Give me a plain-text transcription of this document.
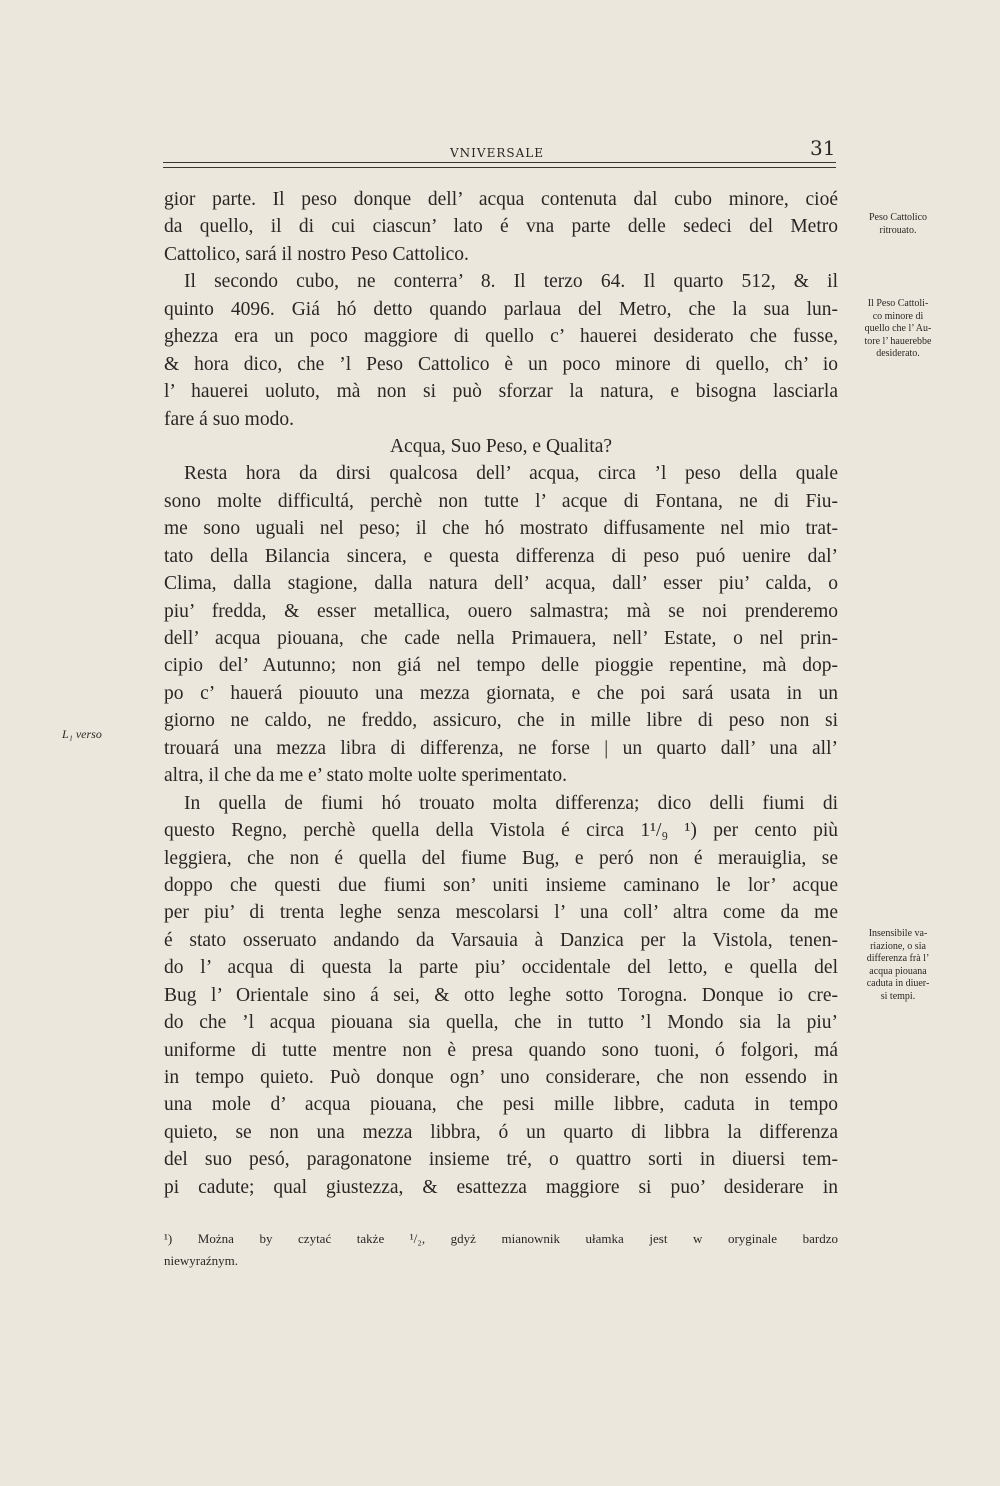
VNIVERSALE	31
gior parte. Il peso donque dell’ acqua contenuta dal cubo minore, cioé
da quello, il di cui ciascun’ lato é vna parte delle sedeci del Metro
Cattolico, sará il nostro Peso Cattolico.
Il secondo cubo, ne conterra’ 8. Il terzo 64. Il quarto 512, & il
quinto 4096. Giá hó detto quando parlaua del Metro, che la sua lun-
ghezza era un poco maggiore di quello c’ hauerei desiderato che fusse,
& hora dico, che ’l Peso Cattolico è un poco minore di quello, ch’ io
l’ hauerei uoluto, mà non si può sforzar la natura, e bisogna lasciarla
fare á suo modo.
Acqua, Suo Peso, e Qualita?
Resta hora da dirsi qualcosa dell’ acqua, circa ’l peso della quale
sono molte difficultá, perchè non tutte l’ acque di Fontana, ne di Fiu-
me sono uguali nel peso; il che hó mostrato diffusamente nel mio trat-
tato della Bilancia sincera, e questa differenza di peso puó uenire dal’
Clima, dalla stagione, dalla natura dell’ acqua, dall’ esser piu’ calda, o
piu’ fredda, & esser metallica, ouero salmastra; mà se noi prenderemo
dell’ acqua piouana, che cade nella Primauera, nell’ Estate, o nel prin-
cipio del’ Autunno; non giá nel tempo delle pioggie repentine, mà dop-
po c’ hauerá piouuto una mezza giornata, e che poi sará usata in un
giorno ne caldo, ne freddo, assicuro, che in mille libre di peso non si
trouará una mezza libra di differenza, ne forse | un quarto dall’ una all’
altra, il che da me e’ stato molte uolte sperimentato.
In quella de fiumi hó trouato molta differenza; dico delli fiumi di
questo Regno, perchè quella della Vistola é circa 1¹/₉ ¹) per cento più
leggiera, che non é quella del fiume Bug, e peró non é merauiglia, se
doppo che questi due fiumi son’ uniti insieme caminano le lor’ acque
per piu’ di trenta leghe senza mescolarsi l’ una coll’ altra come da me
é stato osseruato andando da Varsauia à Danzica per la Vistola, tenen-
do l’ acqua di questa la parte piu’ occidentale del letto, e quella del
Bug l’ Orientale sino á sei, & otto leghe sotto Torogna. Donque io cre-
do che ’l acqua piouana sia quella, che in tutto ’l Mondo sia la piu’
uniforme di tutte mentre non è presa quando sono tuoni, ó folgori, má
in tempo quieto. Può donque ogn’ uno considerare, che non essendo in
una mole d’ acqua piouana, che pesi mille libbre, caduta in tempo
quieto, se non una mezza libbra, ó un quarto di libbra la differenza
del suo pesó, paragonatone insieme tré, o quattro sorti in diuersi tem-
pi cadute; qual giustezza, & esattezza maggiore si puo’ desiderare in
Peso Cattolico
ritrouato.
Il Peso Cattoli-
co minore di
quello che l’ Au-
tore l’ hauerebbe
desiderato.
Insensibile va-
riazione, o sia
differenza frà l’
acqua piouana
caduta in diuer-
si tempi.
L₁ verso
¹) Można by czytać także ¹/₂, gdyż mianownik ułamka jest w oryginale bardzo
niewyraźnym.
